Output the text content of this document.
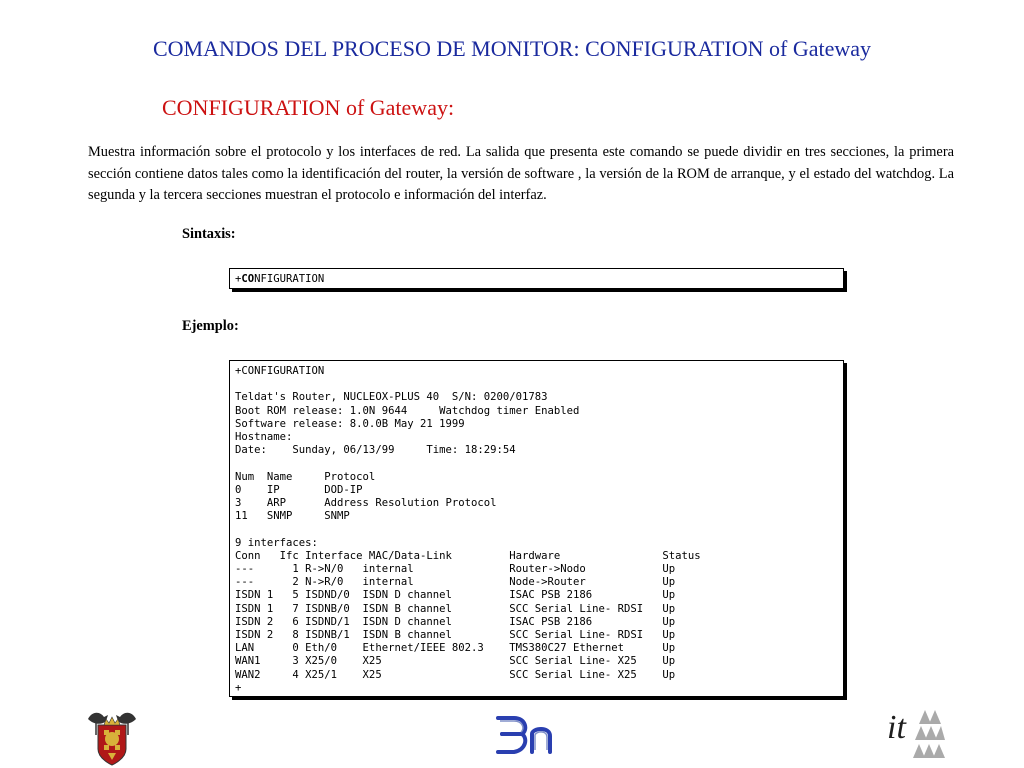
COMANDOS DEL PROCESO DE MONITOR: CONFIGURATION of Gateway
CONFIGURATION of Gateway:
Muestra información sobre el protocolo y los interfaces de red. La salida que presenta este comando se puede dividir en tres secciones, la primera sección contiene datos tales como la identificación del router, la versión de software , la versión de la ROM de arranque, y el estado del watchdog. La segunda y la tercera secciones muestran el protocolo e información del interfaz.
Sintaxis:
+CONFIGURATION
Ejemplo:
+CONFIGURATION

Teldat's Router, NUCLEOX-PLUS 40  S/N: 0200/01783
Boot ROM release: 1.0N 9644     Watchdog timer Enabled
Software release: 8.0.0B May 21 1999
Hostname:
Date:    Sunday, 06/13/99     Time: 18:29:54

Num  Name     Protocol
0    IP       DOD-IP
3    ARP      Address Resolution Protocol
11   SNMP     SNMP

9 interfaces:
Conn   Ifc Interface MAC/Data-Link         Hardware                Status
---      1 R->N/0   internal               Router->Nodo            Up
---      2 N->R/0   internal               Node->Router            Up
ISDN 1   5 ISDND/0  ISDN D channel         ISAC PSB 2186           Up
ISDN 1   7 ISDNB/0  ISDN B channel         SCC Serial Line- RDSI   Up
ISDN 2   6 ISDND/1  ISDN D channel         ISAC PSB 2186           Up
ISDN 2   8 ISDNB/1  ISDN B channel         SCC Serial Line- RDSI   Up
LAN      0 Eth/0    Ethernet/IEEE 802.3    TMS380C27 Ethernet      Up
WAN1     3 X25/0    X25                    SCC Serial Line- X25    Up
WAN2     4 X25/1    X25                    SCC Serial Line- X25    Up
+
it
